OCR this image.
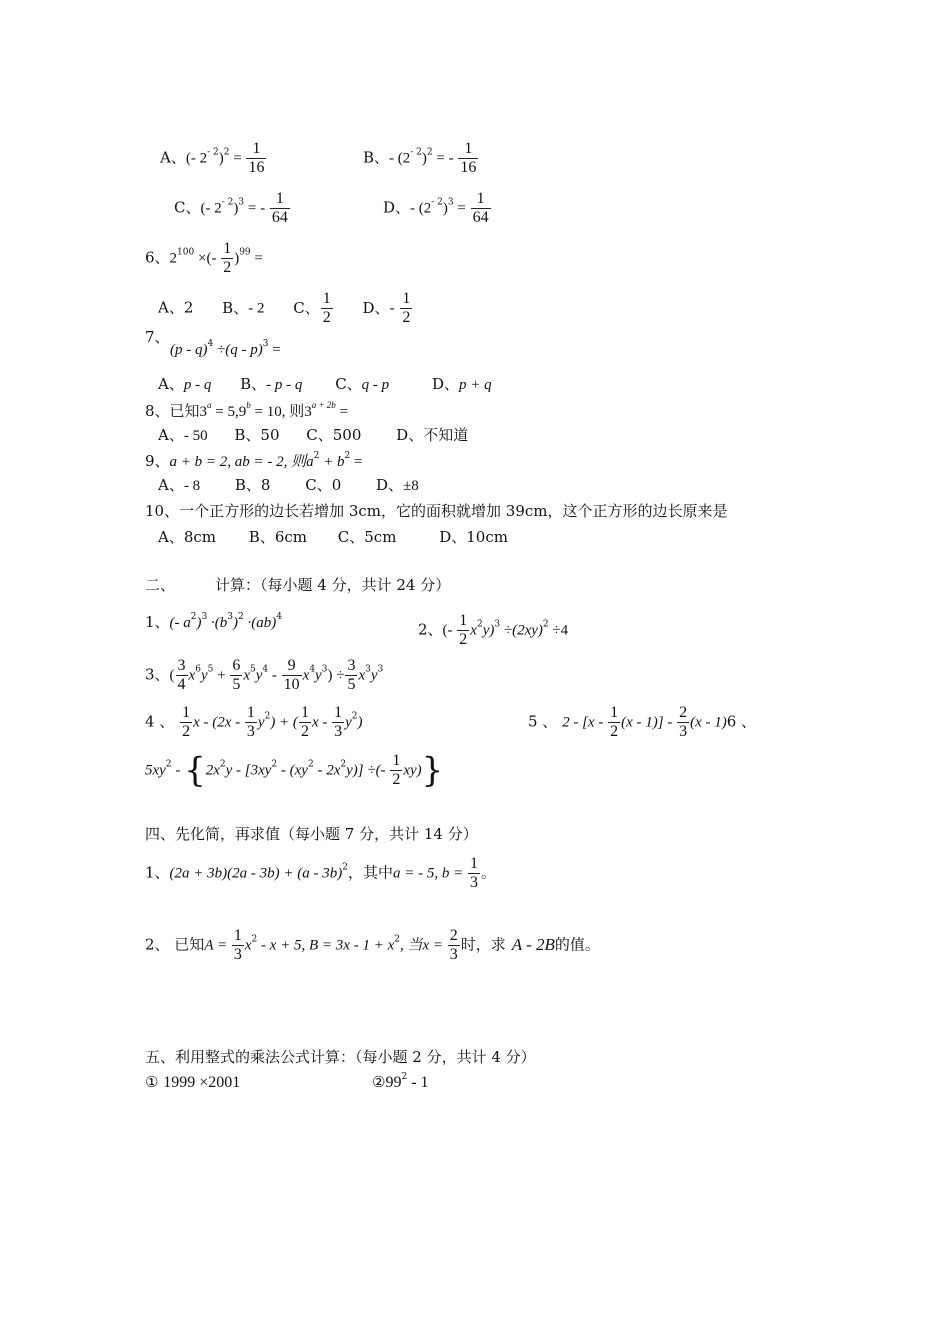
A、(- $2^{- 2})^2 = \frac{1}{16}$	B、- $(2^{- 2})^2$ = - $\frac{1}{16}$
C、(- $2^{- 2})^3$ = - $\frac{1}{64}$	D、- $(2^{- 2})^3 = \frac{1}{64}$
6、$2^{100}$ ×(- $\frac{1}{2} )^{99}$ =
A、2 B、- 2 C、 $\frac{1}{2}$ D、- $\frac{1}{2}$
7、
(p - q)$^4$ ÷(q - p)$^3$ =
A、p - q B、- p - q C、q - p	D、p + q
8、已知$3^a = 5,9^b = 10$, 则$3^{a + 2b}$ =
A、- 50 B、50 C、500 D、不知道
9、a + b = 2, ab = - 2, 则$a^2 + b^2$ =
A、- 8 B、8 C、0 D、±8
10、一个正方形的边长若增加 3cm，它的面积就增加 39cm，这个正方形的边长原来是
A、8cm B、6cm C、5cm	D、10cm
二、	计算：（每小题 4 分，共计 24 分）
1、(- $a^2)^3 \cdot(b^3)^2 \cdot(ab)^4$
2、(- $\frac{1}{2} x^2y)^3 \div(2xy)^2 \div 4$
3、( $\frac{3}{4} x^6y^5 + \frac{6}{5} x^5y^4 - \frac{9}{10} x^4y^3) \div \frac{3}{5} x^3y^3$
4 、 $\frac{1}{2}$ x - $(2x - \frac{1}{3} y^2)$ + ( $\frac{1}{2}$ x - $\frac{1}{3} y^2$)	5 、 $2 - [x - \frac{1}{2} (x - 1)] - \frac{2}{3} (x - 1)6$ 、
$5xy^2 - \{2x^2y - [3xy^2 - (xy^2 - 2x^2y)]$ ÷(- $\frac{1}{2} xy$)}
四、先化简，再求值（每小题 7 分，共计 14 分）
1、(2a + 3b)(2a - 3b) + (a - 3b)$^2$，其中a = - 5, $b = \frac{1}{3}$ 。
2、 已知$A = \frac{1}{3} x^2 - x + 5$, $B = 3x - 1 + x^2$, 当$x = \frac{2}{3}$ 时，求 A - 2B的值。
五、利用整式的乘法公式计算：（每小题 2 分，共计 4 分）
① 1999 ×2001	$②99^2 - 1$
